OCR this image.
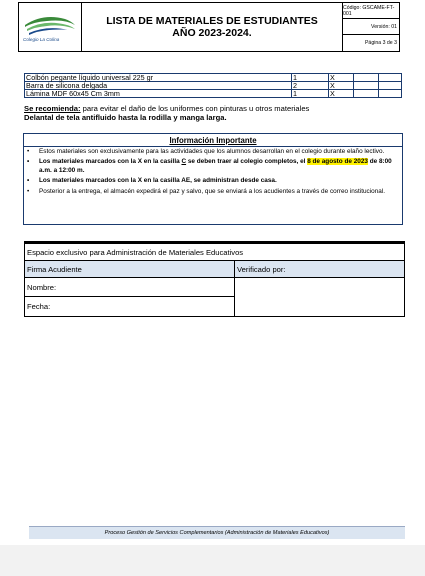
Colegio La Colina
LISTA DE MATERIALES DE ESTUDIANTES
AÑO 2023-2024.
Código: GSCAME-FT-001
Versión: 01
Página 3 de 3
Colbón pegante líquido universal 225 gr	1	X		
Barra de silicona delgada	2	X		
Lámina MDF 60x45 Cm 3mm	1	X		
Se recomienda: para evitar el daño de los uniformes con pinturas u otros materiales
Delantal de tela antifluido hasta la rodilla y manga larga.
Información Importante
• Estos materiales son exclusivamente para las actividades que los alumnos desarrollan en el colegio durante elaño lectivo.
• Los materiales marcados con la X en la casilla C se deben traer al colegio completos, el 8 de agosto de 2023 de 8:00 a.m. a 12:00 m.
• Los materiales marcados con la X en la casilla AE, se administran desde casa.
• Posterior a la entrega, el almacén expedirá el paz y salvo, que se enviará a los acudientes a través de correo institucional.
Espacio exclusivo para Administración de Materiales Educativos
Firma Acudiente	Verificado por:
Nombre:
Fecha:
Proceso Gestión de Servicios Complementarios (Administración de Materiales Educativos)
